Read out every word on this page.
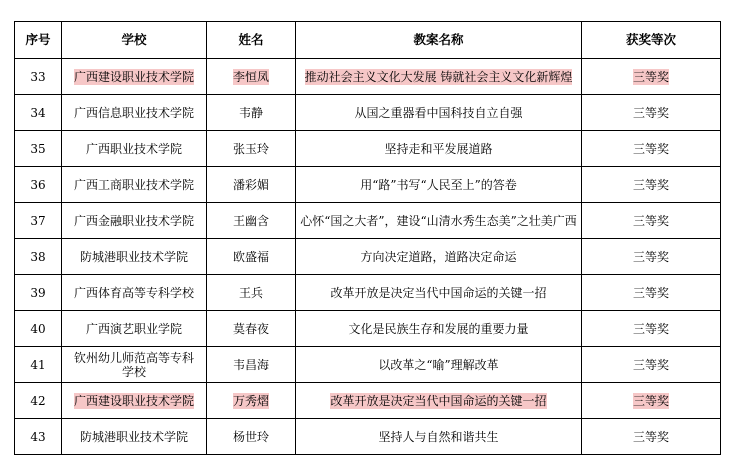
序号	学校	姓名	教案名称	获奖等次
33	广西建设职业技术学院	李恒凤	推动社会主义文化大发展 铸就社会主义文化新辉煌	三等奖
34	广西信息职业技术学院	韦静	从国之重器看中国科技自立自强	三等奖
35	广西职业技术学院	张玉玲	坚持走和平发展道路	三等奖
36	广西工商职业技术学院	潘彩媚	用“路”书写“人民至上”的答卷	三等奖
37	广西金融职业技术学院	王幽含	心怀“国之大者”，建设“山清水秀生态美”之壮美广西	三等奖
38	防城港职业技术学院	欧盛福	方向决定道路，道路决定命运	三等奖
39	广西体育高等专科学校	王兵	改革开放是决定当代中国命运的关键一招	三等奖
40	广西演艺职业学院	莫春夜	文化是民族生存和发展的重要力量	三等奖
41	钦州幼儿师范高等专科学校	韦昌海	以改革之“喻”理解改革	三等奖
42	广西建设职业技术学院	万秀熠	改革开放是决定当代中国命运的关键一招	三等奖
43	防城港职业技术学院	杨世玲	坚持人与自然和谐共生	三等奖
